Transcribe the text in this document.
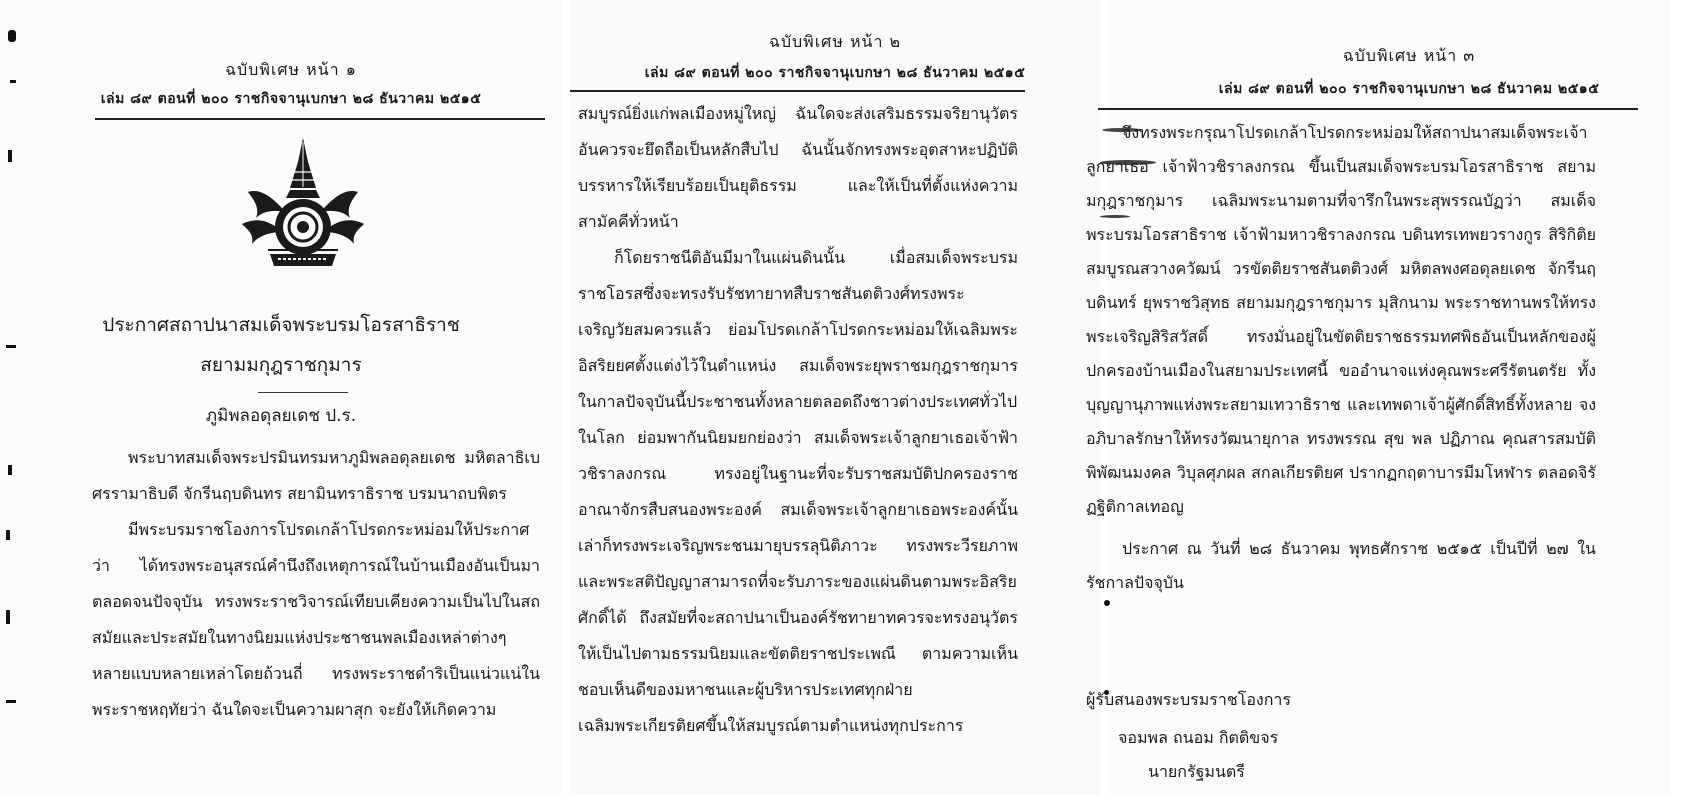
ฉบับพิเศษ หน้า ๑
เล่ม ๘๙ ตอนที่ ๒๐๐ ราชกิจจานุเบกษา ๒๘ ธันวาคม ๒๕๑๕
ประกาศสถาปนาสมเด็จพระบรมโอรสาธิราช
สยามมกุฎราชกุมาร
ภูมิพลอดุลยเดช ป.ร.

พระบาทสมเด็จพระปรมินทรมหาภูมิพลอดุลยเดช มหิตลาธิเบศรรามาธิบดี จักรีนฤบดินทร สยามินทราธิราช บรมนาถบพิตร

มีพระบรมราชโองการโปรดเกล้าโปรดกระหม่อมให้ประกาศว่า ได้ทรงพระอนุสรณ์คำนึงถึงเหตุการณ์ในบ้านเมืองอันเป็นมาตลอดจนปัจจุบัน ทรงพระราชวิจารณ์เทียบเคียงความเป็นไปในสถสมัยและประสมัยในทางนิยมแห่งประชาชนพลเมืองเหล่าต่างๆ หลายแบบหลายเหล่าโดยถ้วนถี่ ทรงพระราชดำริเป็นแน่วแน่ในพระราชหฤทัยว่า ฉันใดจะเป็นความผาสุก จะยังให้เกิดความ

ฉบับพิเศษ หน้า ๒
เล่ม ๘๙ ตอนที่ ๒๐๐ ราชกิจจานุเบกษา ๒๘ ธันวาคม ๒๕๑๕

สมบูรณ์ยิ่งแก่พลเมืองหมู่ใหญ่ ฉันใดจะส่งเสริมธรรมจริยานุวัตรอันควรจะยึดถือเป็นหลักสืบไป ฉันนั้นจักทรงพระอุตสาหะปฏิบัติบรรหารให้เรียบร้อยเป็นยุติธรรม และให้เป็นที่ตั้งแห่งความสามัคคีทั่วหน้า

ก็โดยราชนีติอันมีมาในแผ่นดินนั้น เมื่อสมเด็จพระบรมราชโอรสซึ่งจะทรงรับรัชทายาทสืบราชสันตติวงศ์ทรงพระเจริญวัยสมควรแล้ว ย่อมโปรดเกล้าโปรดกระหม่อมให้เฉลิมพระอิสริยยศตั้งแต่งไว้ในตำแหน่ง สมเด็จพระยุพราชมกุฎราชกุมาร ในกาลปัจจุบันนี้ประชาชนทั้งหลายตลอดถึงชาวต่างประเทศทั่วไปในโลก ย่อมพากันนิยมยกย่องว่า สมเด็จพระเจ้าลูกยาเธอเจ้าฟ้าวชิราลงกรณ ทรงอยู่ในฐานะที่จะรับราชสมบัติปกครองราชอาณาจักรสืบสนองพระองค์ สมเด็จพระเจ้าลูกยาเธอพระองค์นั้นเล่าก็ทรงพระเจริญพระชนมายุบรรลุนิติภาวะ ทรงพระวีรยภาพและพระสติปัญญาสามารถที่จะรับภาระของแผ่นดินตามพระอิสริยศักดิ์ได้ ถึงสมัยที่จะสถาปนาเป็นองค์รัชทายาทควรจะทรงอนุวัตรให้เป็นไปตามธรรมนิยมและขัตติยราชประเพณี ตามความเห็นชอบเห็นดีของมหาชนและผู้บริหารประเทศทุกฝ่าย เฉลิมพระเกียรติยศขึ้นให้สมบูรณ์ตามตำแหน่งทุกประการ

ฉบับพิเศษ หน้า ๓
เล่ม ๘๙ ตอนที่ ๒๐๐ ราชกิจจานุเบกษา ๒๘ ธันวาคม ๒๕๑๕

จึงทรงพระกรุณาโปรดเกล้าโปรดกระหม่อมให้สถาปนาสมเด็จพระเจ้าลูกยาเธอ เจ้าฟ้าวชิราลงกรณ ขึ้นเป็นสมเด็จพระบรมโอรสาธิราช สยามมกุฎราชกุมาร เฉลิมพระนามตามที่จารึกในพระสุพรรณบัฏว่า สมเด็จพระบรมโอรสาธิราช เจ้าฟ้ามหาวชิราลงกรณ บดินทรเทพยวรางกูร สิริกิติยสมบูรณสวางควัฒน์ วรขัตติยราชสันตติวงศ์ มหิตลพงศอดุลยเดช จักรีนฤบดินทร์ ยุพราชวิสุทธ สยามมกุฎราชกุมาร มุสิกนาม พระราชทานพรให้ทรงพระเจริญสิริสวัสดิ์ ทรงมั่นอยู่ในขัตติยราชธรรมทศพิธอันเป็นหลักของผู้ปกครองบ้านเมืองในสยามประเทศนี้ ขออำนาจแห่งคุณพระศรีรัตนตรัย ทั้งบุญญานุภาพแห่งพระสยามเทวาธิราช และเทพดาเจ้าผู้ศักดิ์สิทธิ์ทั้งหลาย จงอภิบาลรักษาให้ทรงวัฒนายุกาล ทรงพรรณ สุข พล ปฏิภาณ คุณสารสมบัติพิพัฒนมงคล วิบุลศุภผล สกลเกียรติยศ ปรากฏกฤตาบารมีมโหฬาร ตลอดจิรัฏฐิติกาลเทอญ

ประกาศ ณ วันที่ ๒๘ ธันวาคม พุทธศักราช ๒๕๑๕ เป็นปีที่ ๒๗ ในรัชกาลปัจจุบัน

ผู้รับสนองพระบรมราชโองการ
จอมพล ถนอม กิตติขจร
นายกรัฐมนตรี
